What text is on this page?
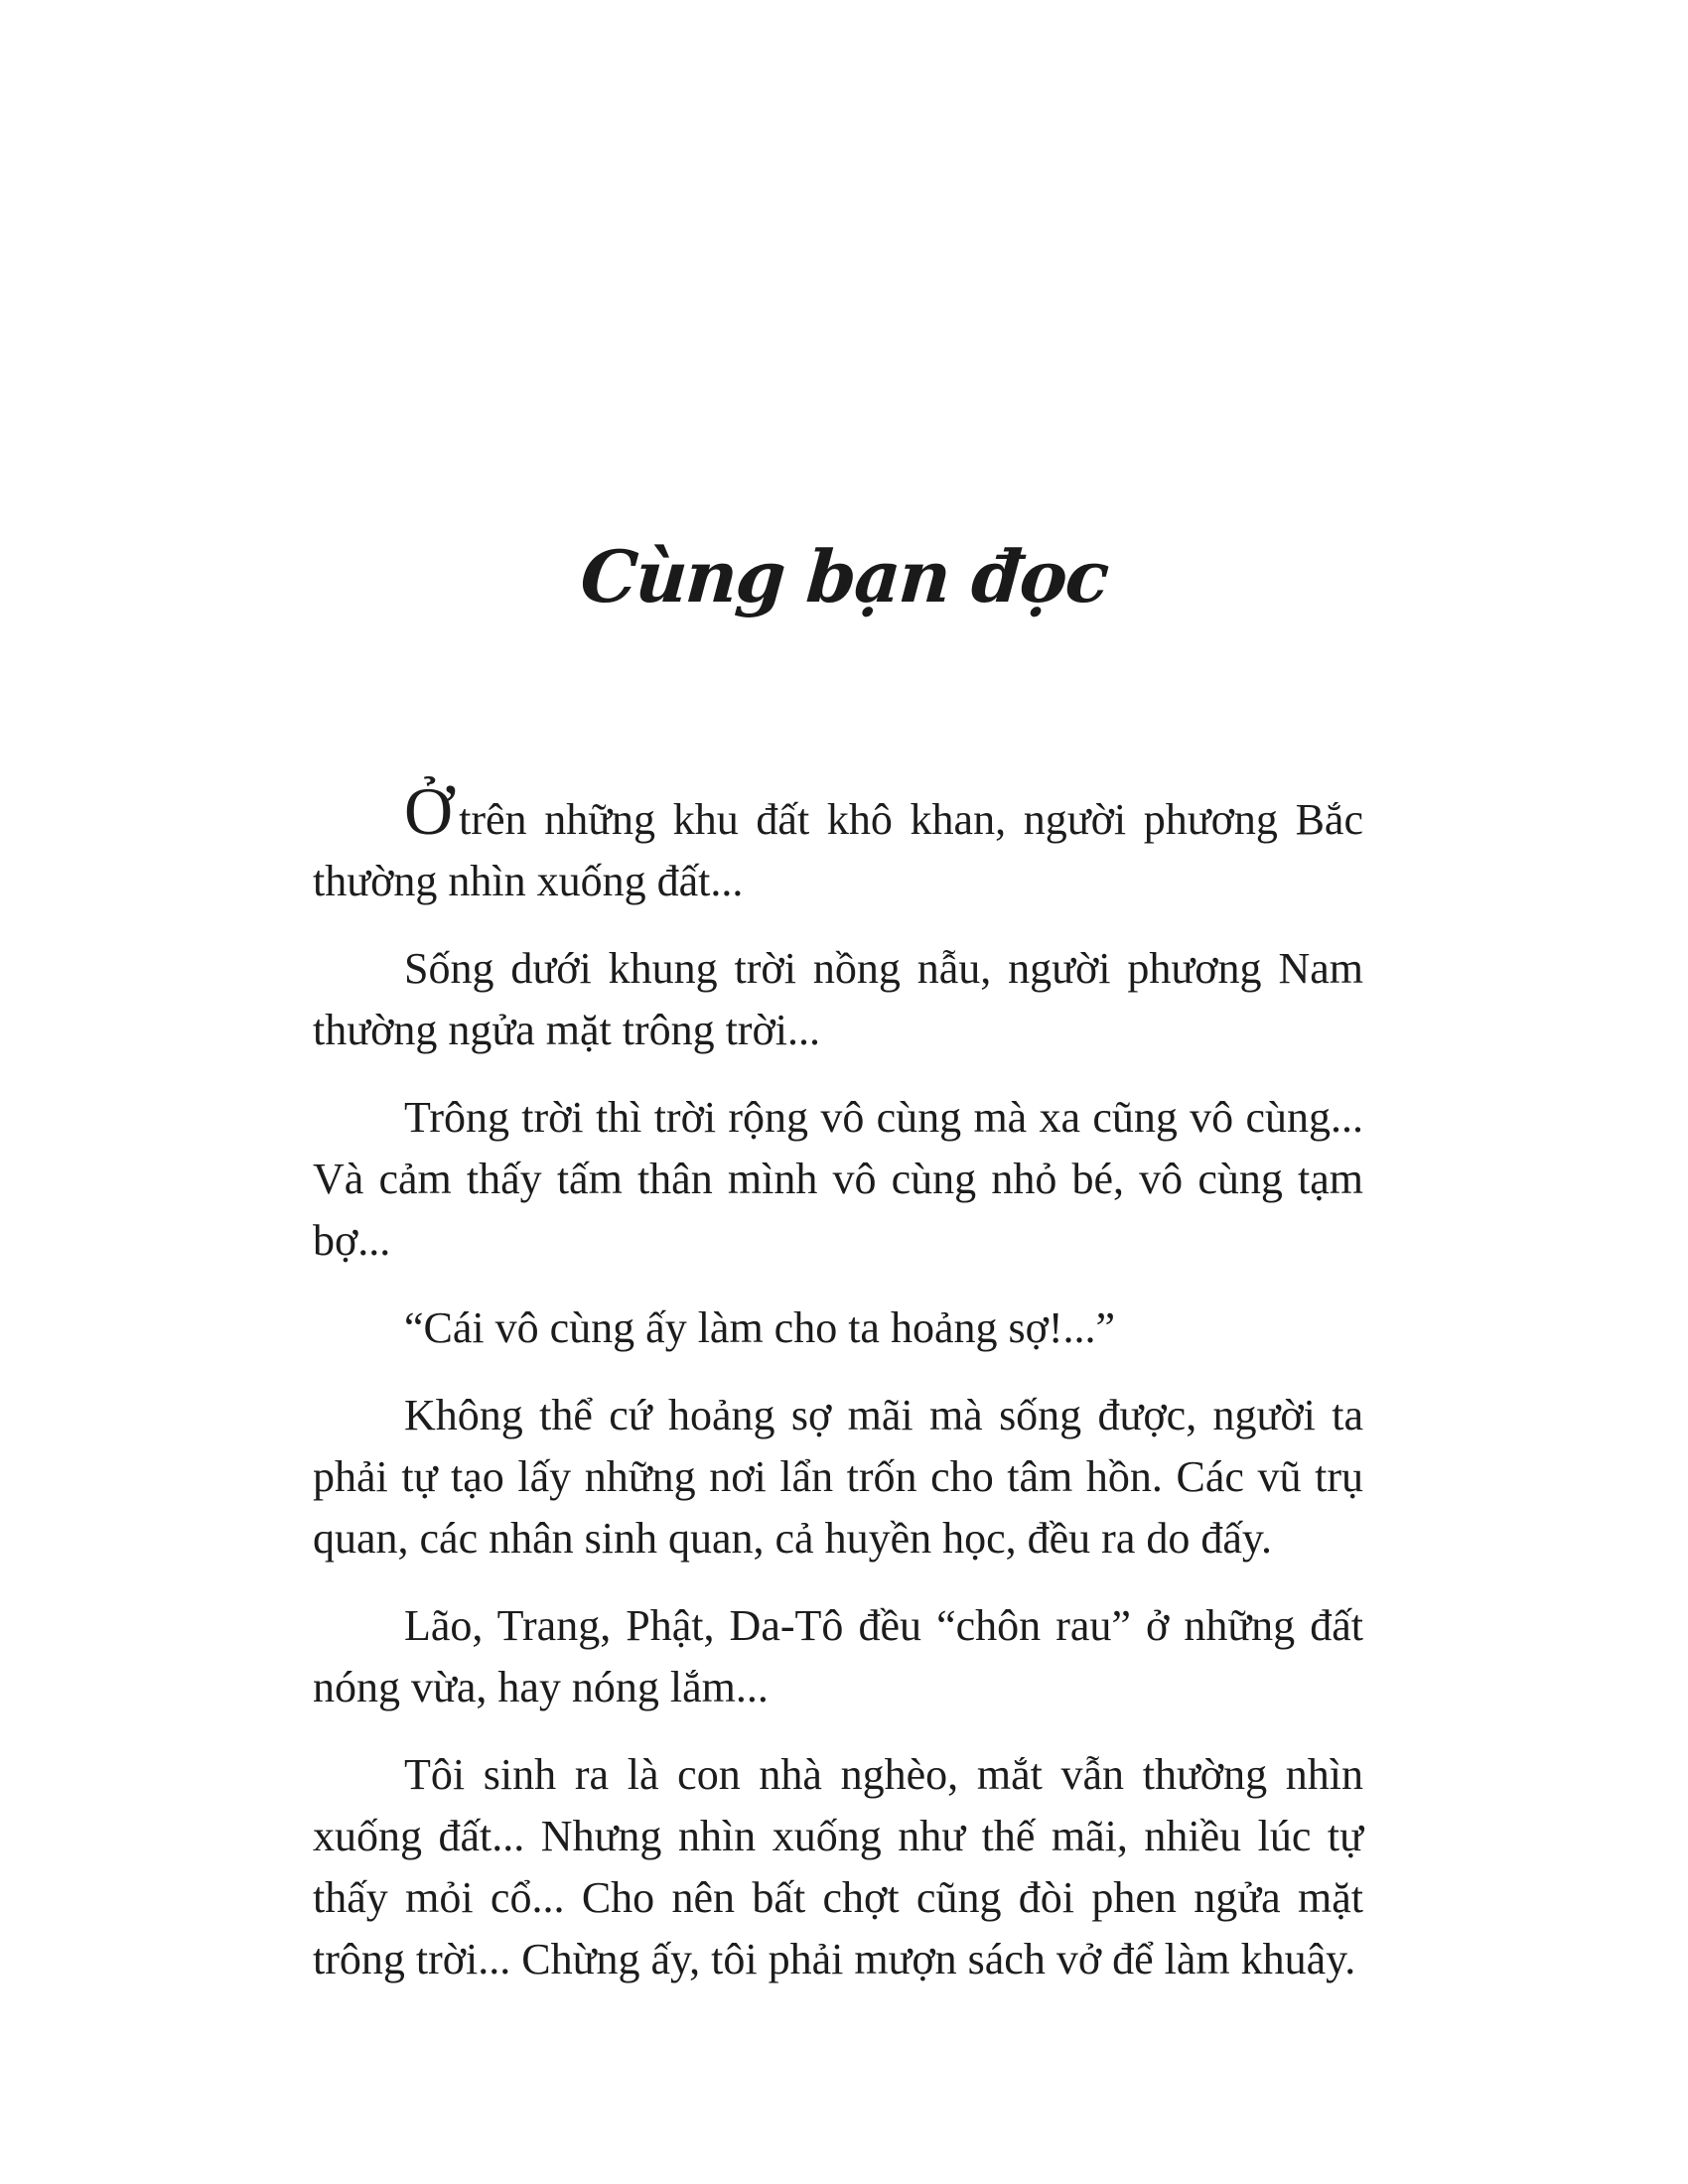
Cùng bạn đọc

Ởtrên những khu đất khô khan, người phương Bắc thường nhìn xuống đất...

Sống dưới khung trời nồng nẫu, người phương Nam thường ngửa mặt trông trời...

Trông trời thì trời rộng vô cùng mà xa cũng vô cùng... Và cảm thấy tấm thân mình vô cùng nhỏ bé, vô cùng tạm bợ...

“Cái vô cùng ấy làm cho ta hoảng sợ!...”

Không thể cứ hoảng sợ mãi mà sống được, người ta phải tự tạo lấy những nơi lẩn trốn cho tâm hồn. Các vũ trụ quan, các nhân sinh quan, cả huyền học, đều ra do đấy.

Lão, Trang, Phật, Da-Tô đều “chôn rau” ở những đất nóng vừa, hay nóng lắm...

Tôi sinh ra là con nhà nghèo, mắt vẫn thường nhìn xuống đất... Nhưng nhìn xuống như thế mãi, nhiều lúc tự thấy mỏi cổ... Cho nên bất chợt cũng đòi phen ngửa mặt trông trời... Chừng ấy, tôi phải mượn sách vở để làm khuây.
